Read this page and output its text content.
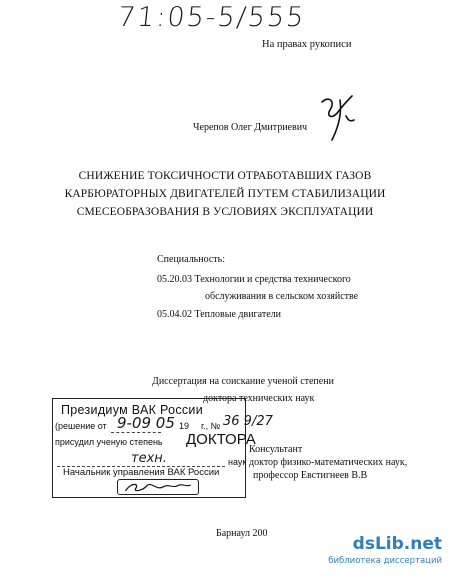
71:05-5/555
На правах рукописи
Черепов Олег Дмитриевич
СНИЖЕНИЕ ТОКСИЧНОСТИ ОТРАБОТАВШИХ ГАЗОВ
КАРБЮРАТОРНЫХ ДВИГАТЕЛЕЙ ПУТЕМ СТАБИЛИЗАЦИИ
СМЕСЕОБРАЗОВАНИЯ В УСЛОВИЯХ ЭКСПЛУАТАЦИИ
Специальность:
05.20.03 Технологии и средства технического
обслуживания в сельском хозяйстве
05.04.02 Тепловые двигатели
Диссертация на соискание ученой степени
доктора технических наук
Консультант
доктор физико-математических наук,
профессор Евстигнеев В.В
Президиум ВАК России
(решение от 9-09 05 19 г., № 36 9/27
присудил ученую степень ДОКТОРА
техн.	наук
Начальник управления ВАК России
Барнаул 200
dsLib.net
библиотека диссертаций
